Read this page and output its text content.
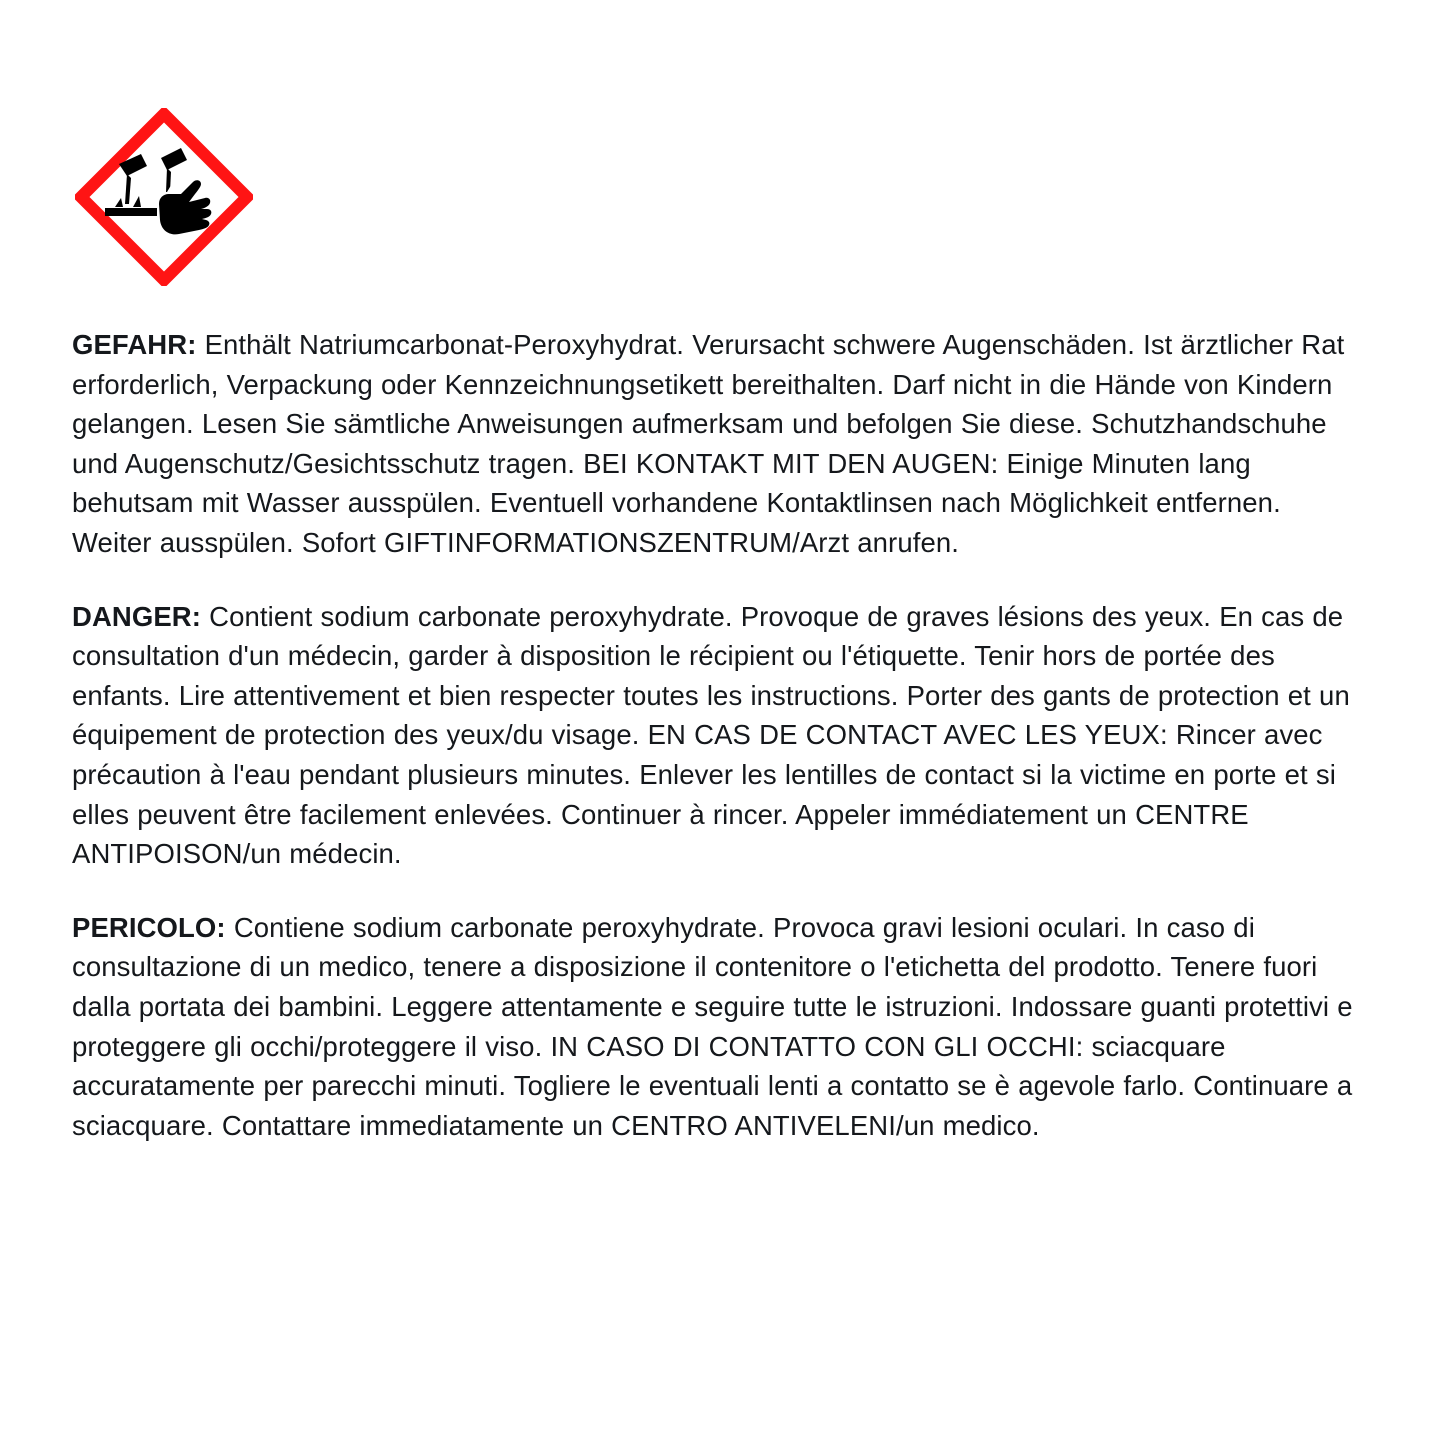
GEFAHR: Enthält Natriumcarbonat-Peroxyhydrat. Verursacht schwere Augenschäden. Ist ärztlicher Rat erforderlich, Verpackung oder Kennzeichnungsetikett bereithalten. Darf nicht in die Hände von Kindern gelangen. Lesen Sie sämtliche Anweisungen aufmerksam und befolgen Sie diese. Schutzhandschuhe und Augenschutz/Gesichtsschutz tragen. BEI KONTAKT MIT DEN AUGEN: Einige Minuten lang behutsam mit Wasser ausspülen. Eventuell vorhandene Kontaktlinsen nach Möglichkeit entfernen. Weiter ausspülen. Sofort GIFTINFORMATIONSZENTRUM/Arzt anrufen.

DANGER: Contient sodium carbonate peroxyhydrate. Provoque de graves lésions des yeux. En cas de consultation d'un médecin, garder à disposition le récipient ou l'étiquette. Tenir hors de portée des enfants. Lire attentivement et bien respecter toutes les instructions. Porter des gants de protection et un équipement de protection des yeux/du visage. EN CAS DE CONTACT AVEC LES YEUX: Rincer avec précaution à l'eau pendant plusieurs minutes. Enlever les lentilles de contact si la victime en porte et si elles peuvent être facilement enlevées. Continuer à rincer. Appeler immédiatement un CENTRE ANTIPOISON/un médecin.

PERICOLO: Contiene sodium carbonate peroxyhydrate. Provoca gravi lesioni oculari. In caso di consultazione di un medico, tenere a disposizione il contenitore o l'etichetta del prodotto. Tenere fuori dalla portata dei bambini. Leggere attentamente e seguire tutte le istruzioni. Indossare guanti protettivi e proteggere gli occhi/proteggere il viso. IN CASO DI CONTATTO CON GLI OCCHI: sciacquare accuratamente per parecchi minuti. Togliere le eventuali lenti a contatto se è agevole farlo. Continuare a sciacquare. Contattare immediatamente un CENTRO ANTIVELENI/un medico.
